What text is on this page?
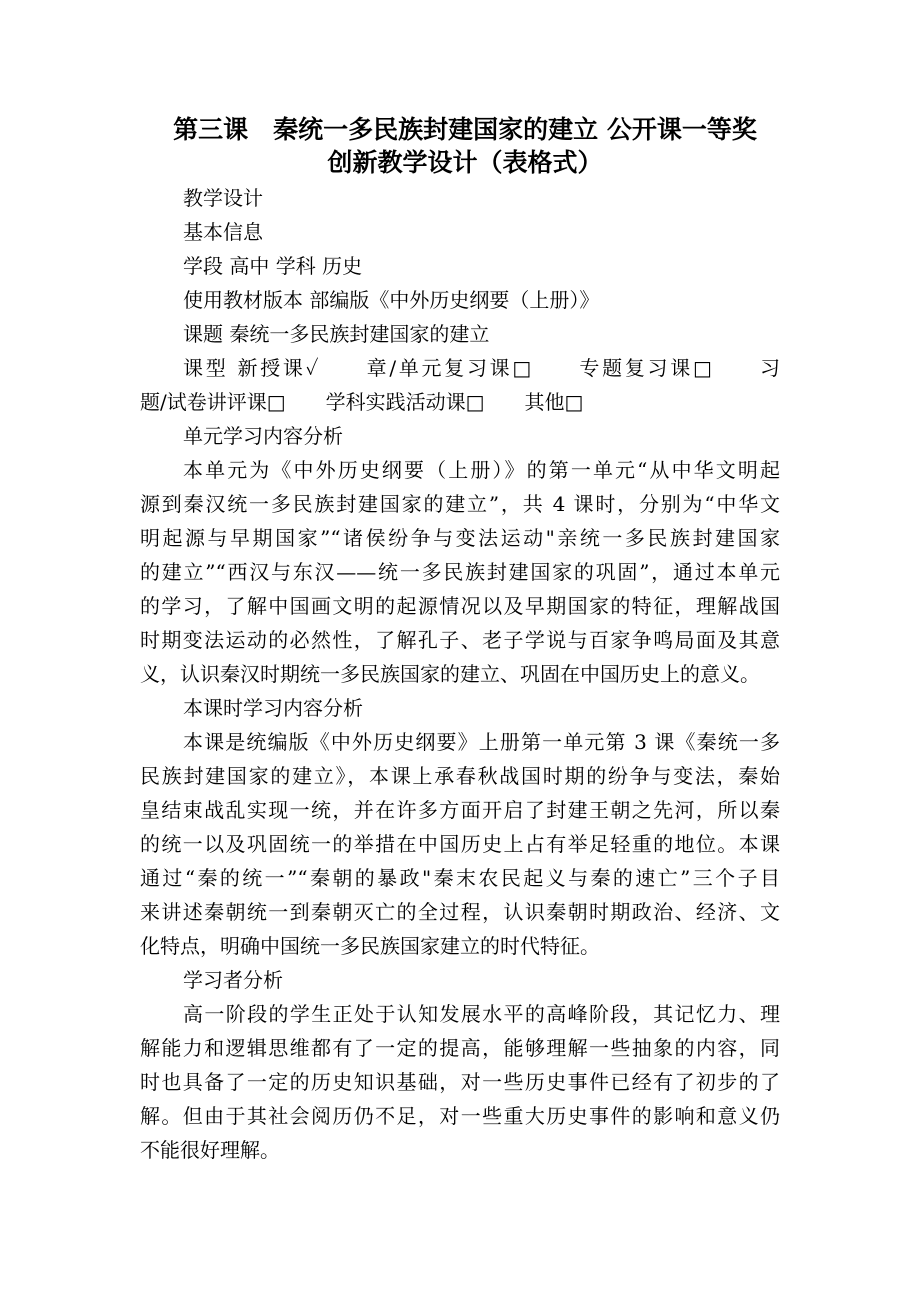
第三课　秦统一多民族封建国家的建立 公开课一等奖
创新教学设计（表格式）
教学设计
基本信息
学段 高中 学科 历史
使用教材版本 部编版《中外历史纲要（上册）》
课题 秦统一多民族封建国家的建立
课型 新授课✓　　章/单元复习课□　　专题复习课□　　习
题/试卷讲评课□　　学科实践活动课□　　其他□
单元学习内容分析
本单元为《中外历史纲要（上册）》的第一单元“从中华文明起
源到秦汉统一多民族封建国家的建立”，共 4 课时，分别为“中华文
明起源与早期国家”“诸侯纷争与变法运动"亲统一多民族封建国家
的建立”“西汉与东汉——统一多民族封建国家的巩固”，通过本单元
的学习，了解中国画文明的起源情况以及早期国家的特征，理解战国
时期变法运动的必然性，了解孔子、老子学说与百家争鸣局面及其意
义，认识秦汉时期统一多民族国家的建立、巩固在中国历史上的意义。
本课时学习内容分析
本课是统编版《中外历史纲要》上册第一单元第 3 课《秦统一多
民族封建国家的建立》，本课上承春秋战国时期的纷争与变法，秦始
皇结束战乱实现一统，并在许多方面开启了封建王朝之先河，所以秦
的统一以及巩固统一的举措在中国历史上占有举足轻重的地位。本课
通过“秦的统一”“秦朝的暴政"秦末农民起义与秦的速亡”三个子目
来讲述秦朝统一到秦朝灭亡的全过程，认识秦朝时期政治、经济、文
化特点，明确中国统一多民族国家建立的时代特征。
学习者分析
高一阶段的学生正处于认知发展水平的高峰阶段，其记忆力、理
解能力和逻辑思维都有了一定的提高，能够理解一些抽象的内容，同
时也具备了一定的历史知识基础，对一些历史事件已经有了初步的了
解。但由于其社会阅历仍不足，对一些重大历史事件的影响和意义仍
不能很好理解。
